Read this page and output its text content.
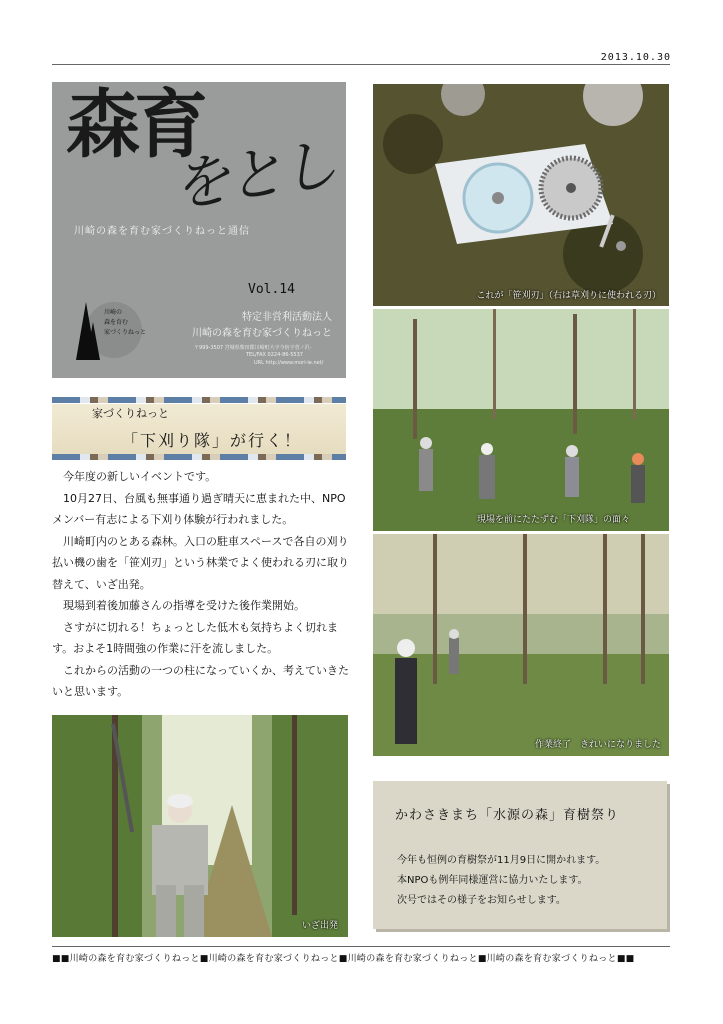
2013.10.30
森育
をとし
川崎の森を育む家づくりねっと通信
Vol.14
特定非営利活動法人
川崎の森を育む家づくりねっと
〒999-3507 宮城県柴田郡川崎町大字今宿字菅ノ沢-
TEL/FAX 0224-86-5537
URL http://www.mori-ie.net/
川崎の
森を育む
家づくりねっと
家づくりねっと
「下刈り隊」が行く！

今年度の新しいイベントです。

10月27日、台風も無事通り過ぎ晴天に恵まれた中、NPOメンバー有志による下刈り体験が行われました。

川崎町内のとある森林。入口の駐車スペースで各自の刈り払い機の歯を「笹刈刃」という林業でよく使われる刃に取り替えて、いざ出発。

現場到着後加藤さんの指導を受けた後作業開始。

さすがに切れる！ちょっとした低木も気持ちよく切れます。およそ1時間強の作業に汗を流しました。

これからの活動の一つの柱になっていくか、考えていきたいと思います。

これが「笹刈刃」（右は草刈りに使われる刃）
現場を前にたたずむ「下刈隊」の面々
作業終了　きれいになりました
いざ出発
かわさきまち「水源の森」育樹祭り
今年も恒例の育樹祭が11月9日に開かれます。
本NPOも例年同様運営に協力いたします。
次号ではその様子をお知らせします。
■■川崎の森を育む家づくりねっと■川崎の森を育む家づくりねっと■川崎の森を育む家づくりねっと■川崎の森を育む家づくりねっと■■
